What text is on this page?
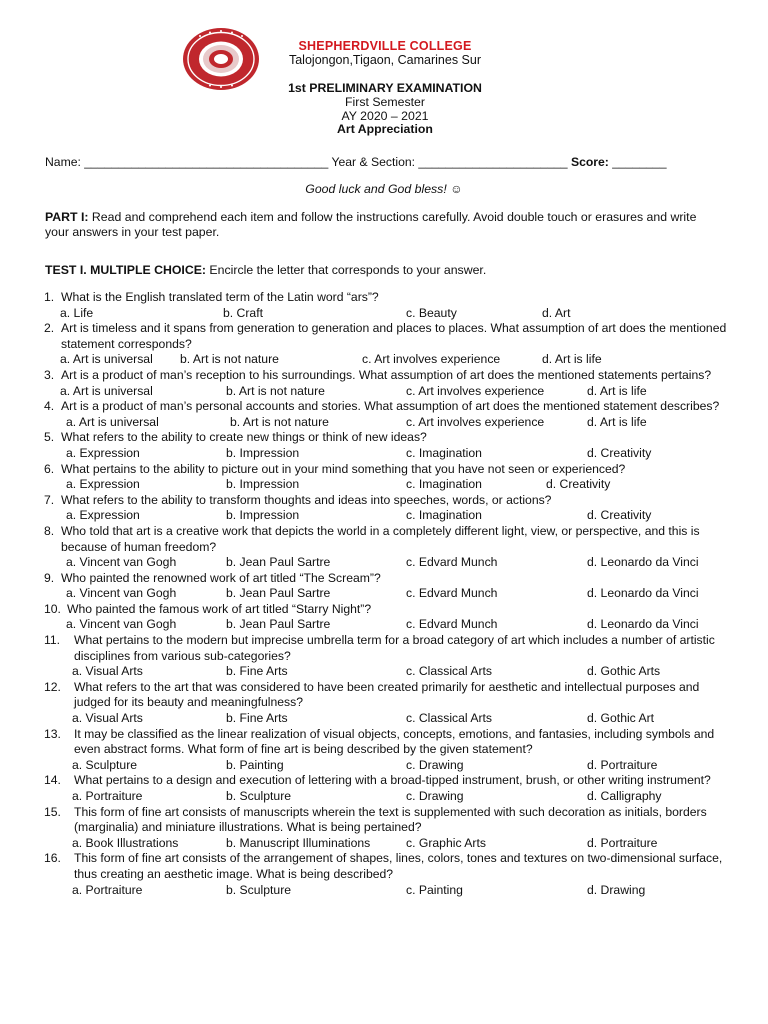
SHEPHERDVILLE COLLEGE
Talojongon,Tigaon, Camarines Sur
1st PRELIMINARY EXAMINATION
First Semester
AY 2020 – 2021
Art Appreciation
Name: ____________________________________ Year & Section: ______________________ Score: ________
Good luck and God bless! ☺
PART I: Read and comprehend each item and follow the instructions carefully. Avoid double touch or erasures and write your answers in your test paper.
TEST I. MULTIPLE CHOICE: Encircle the letter that corresponds to your answer.
1. What is the English translated term of the Latin word “ars”?
a. Life	b. Craft	c. Beauty	d. Art
2. Art is timeless and it spans from generation to generation and places to places. What assumption of art does the mentioned statement corresponds?
a. Art is universal b. Art is not nature	c. Art involves experience	d. Art is life
3. Art is a product of man’s reception to his surroundings. What assumption of art does the mentioned statements pertains?
a. Art is universal	b. Art is not nature	c. Art involves experience	d. Art is life
4. Art is a product of man’s personal accounts and stories. What assumption of art does the mentioned statement describes?
a. Art is universal	b. Art is not nature	c. Art involves experience	d. Art is life
5. What refers to the ability to create new things or think of new ideas?
a. Expression	b. Impression	c. Imagination	d. Creativity
6. What pertains to the ability to picture out in your mind something that you have not seen or experienced?
a. Expression	b. Impression	c. Imagination	d. Creativity
7. What refers to the ability to transform thoughts and ideas into speeches, words, or actions?
a. Expression	b. Impression	c. Imagination	d. Creativity
8. Who told that art is a creative work that depicts the world in a completely different light, view, or perspective, and this is because of human freedom?
a. Vincent van Gogh	b. Jean Paul Sartre	c. Edvard Munch	d. Leonardo da Vinci
9. Who painted the renowned work of art titled “The Scream”?
a. Vincent van Gogh	b. Jean Paul Sartre	c. Edvard Munch	d. Leonardo da Vinci
10. Who painted the famous work of art titled “Starry Night”?
a. Vincent van Gogh	b. Jean Paul Sartre	c. Edvard Munch	d. Leonardo da Vinci
11.	What pertains to the modern but imprecise umbrella term for a broad category of art which includes a number of artistic disciplines from various sub-categories?
a. Visual Arts	b. Fine Arts	c. Classical Arts	d. Gothic Arts
12.	What refers to the art that was considered to have been created primarily for aesthetic and intellectual purposes and judged for its beauty and meaningfulness?
a. Visual Arts	b. Fine Arts	c. Classical Arts	d. Gothic Art
13.	It may be classified as the linear realization of visual objects, concepts, emotions, and fantasies, including symbols and even abstract forms. What form of fine art is being described by the given statement?
a. Sculpture	b. Painting	c. Drawing	d. Portraiture
14.	What pertains to a design and execution of lettering with a broad-tipped instrument, brush, or other writing instrument?
a. Portraiture	b. Sculpture	c. Drawing	d. Calligraphy
15.	This form of fine art consists of manuscripts wherein the text is supplemented with such decoration as initials, borders (marginalia) and miniature illustrations. What is being pertained?
a. Book Illustrations	b. Manuscript Illuminations	c. Graphic Arts	d. Portraiture
16.	This form of fine art consists of the arrangement of shapes, lines, colors, tones and textures on two-dimensional surface, thus creating an aesthetic image. What is being described?
a. Portraiture	b. Sculpture	c. Painting	d. Drawing
